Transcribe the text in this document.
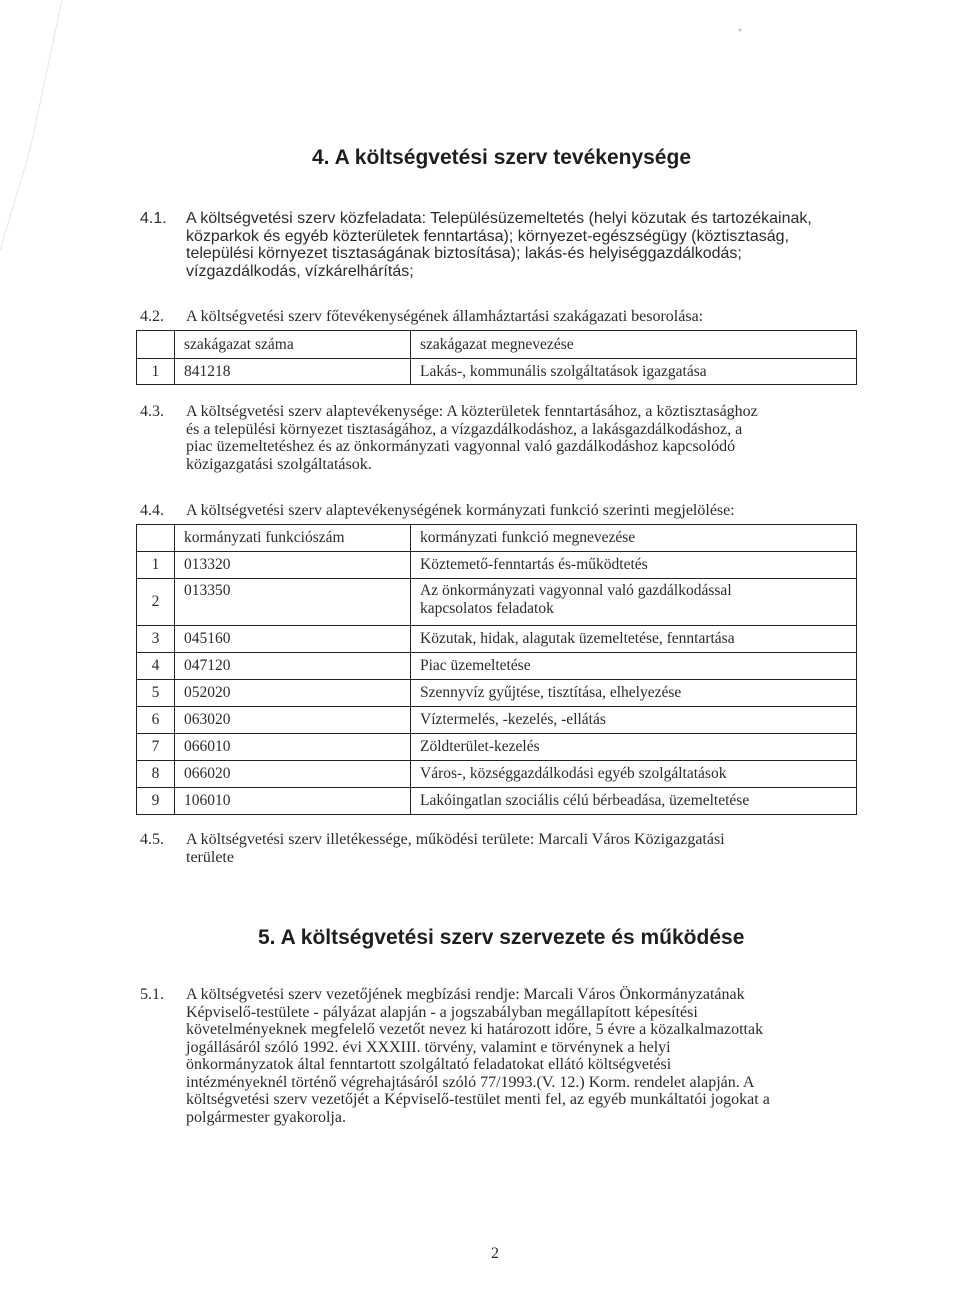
4. A költségvetési szerv tevékenysége
4.1. A költségvetési szerv közfeladata: Településüzemeltetés (helyi közutak és tartozékainak,
közparkok és egyéb közterületek fenntartása); környezet-egészségügy (köztisztaság,
települési környezet tisztaságának biztosítása); lakás-és helyiséggazdálkodás;
vízgazdálkodás, vízkárelhárítás;
4.2. A költségvetési szerv főtevékenységének államháztartási szakágazati besorolása:
	szakágazat száma	szakágazat megnevezése
1	841218	Lakás-, kommunális szolgáltatások igazgatása
4.3. A költségvetési szerv alaptevékenysége: A közterületek fenntartásához, a köztisztasághoz
és a települési környezet tisztaságához, a vízgazdálkodáshoz, a lakásgazdálkodáshoz, a
piac üzemeltetéshez és az önkormányzati vagyonnal való gazdálkodáshoz kapcsolódó
közigazgatási szolgáltatások.
4.4. A költségvetési szerv alaptevékenységének kormányzati funkció szerinti megjelölése:
	kormányzati funkciószám	kormányzati funkció megnevezése
1	013320	Köztemető-fenntartás és-működtetés
2	013350	Az önkormányzati vagyonnal való gazdálkodással
kapcsolatos feladatok

3	045160	Közutak, hidak, alagutak üzemeltetése, fenntartása
4	047120	Piac üzemeltetése
5	052020	Szennyvíz gyűjtése, tisztítása, elhelyezése
6	063020	Víztermelés, -kezelés, -ellátás
7	066010	Zöldterület-kezelés
8	066020	Város-, községgazdálkodási egyéb szolgáltatások
9	106010	Lakóingatlan szociális célú bérbeadása, üzemeltetése
4.5. A költségvetési szerv illetékessége, működési területe: Marcali Város Közigazgatási
területe
5. A költségvetési szerv szervezete és működése
5.1. A költségvetési szerv vezetőjének megbízási rendje: Marcali Város Önkormányzatának
Képviselő-testülete - pályázat alapján - a jogszabályban megállapított képesítési
követelményeknek megfelelő vezetőt nevez ki határozott időre, 5 évre a közalkalmazottak
jogállásáról szóló 1992. évi XXXIII. törvény, valamint e törvénynek a helyi
önkormányzatok által fenntartott szolgáltató feladatokat ellátó költségvetési
intézményeknél történő végrehajtásáról szóló 77/1993.(V. 12.) Korm. rendelet alapján. A
költségvetési szerv vezetőjét a Képviselő-testület menti fel, az egyéb munkáltatói jogokat a
polgármester gyakorolja.
2
